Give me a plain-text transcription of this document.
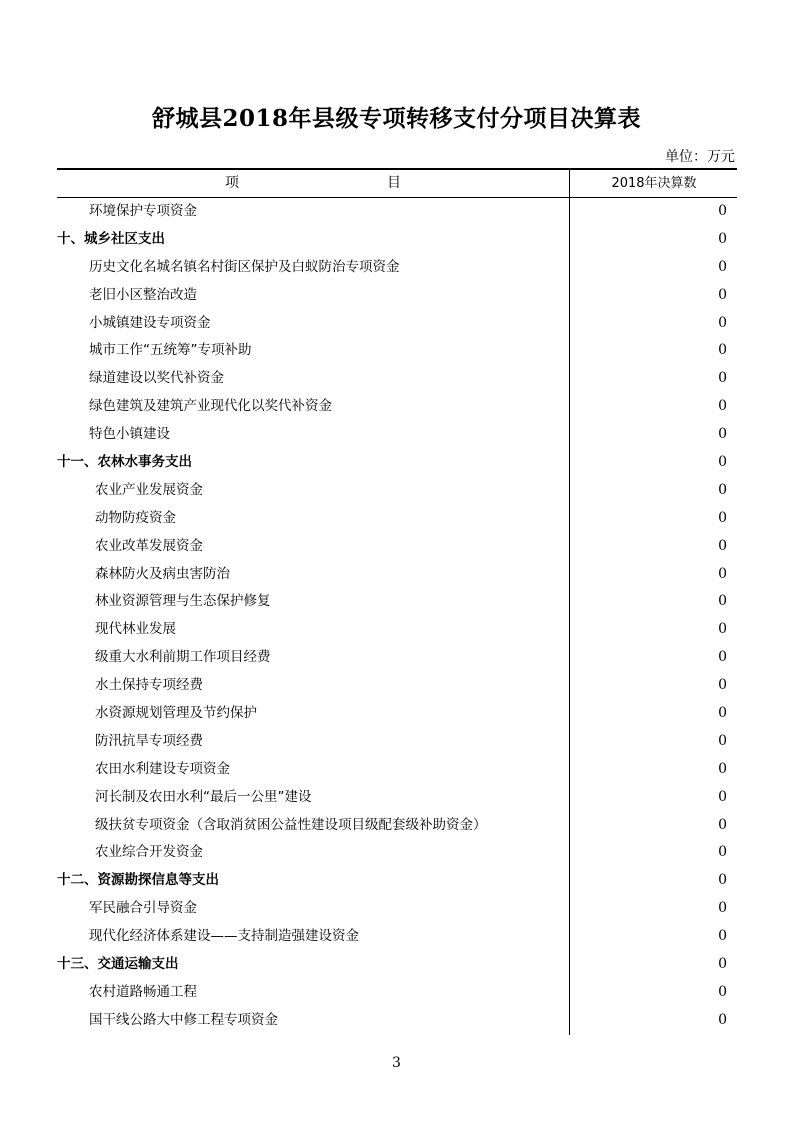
舒城县2018年县级专项转移支付分项目决算表
单位：万元
项	目	2018年决算数
环境保护专项资金	0
十、城乡社区支出	0
历史文化名城名镇名村街区保护及白蚁防治专项资金	0
老旧小区整治改造	0
小城镇建设专项资金	0
城市工作“五统筹”专项补助	0
绿道建设以奖代补资金	0
绿色建筑及建筑产业现代化以奖代补资金	0
特色小镇建设	0
十一、农林水事务支出	0
农业产业发展资金	0
动物防疫资金	0
农业改革发展资金	0
森林防火及病虫害防治	0
林业资源管理与生态保护修复	0
现代林业发展	0
级重大水利前期工作项目经费	0
水土保持专项经费	0
水资源规划管理及节约保护	0
防汛抗旱专项经费	0
农田水利建设专项资金	0
河长制及农田水利“最后一公里”建设	0
级扶贫专项资金（含取消贫困公益性建设项目级配套级补助资金）	0
农业综合开发资金	0
十二、资源勘探信息等支出	0
军民融合引导资金	0
现代化经济体系建设——支持制造强建设资金	0
十三、交通运输支出	0
农村道路畅通工程	0
国干线公路大中修工程专项资金	0
3
